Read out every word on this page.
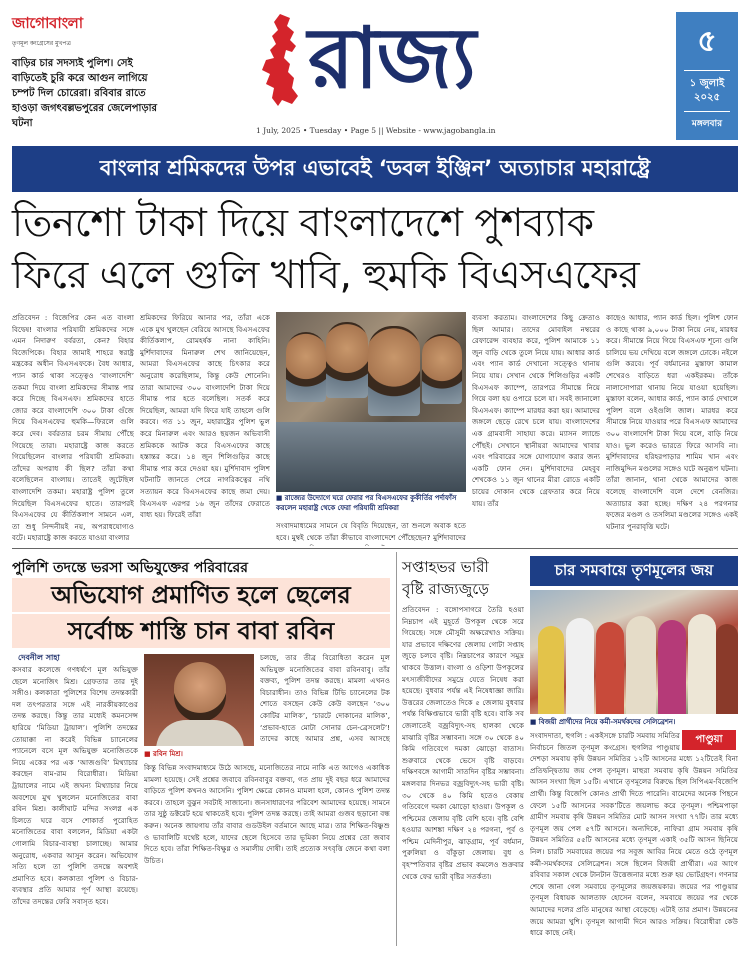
জাগোবাংলা
তৃণমূল কংগ্রেসের মুখপত্র
বাড়ির চার সদস্যই পুলিশ। সেই বাড়িতেই চুরি করে আগুন লাগিয়ে চম্পট দিল চোরেরা। রবিবার রাতে হাওড়া জগৎবল্লভপুরের জেলেপাড়ার ঘটনা
রাজ্য
1 July, 2025 • Tuesday • Page 5 || Website - www.jagobangla.in
৫
১ জুলাই
২০২৫
মঙ্গলবার
বাংলার শ্রমিকদের উপর এভাবেই ‘ডবল ইঞ্জিন’ অত্যাচার মহারাষ্ট্রে
তিনশো টাকা দিয়ে বাংলাদেশে পুশব্যাক
ফিরে এলে গুলি খাবি, হুমকি বিএসএফের
প্রতিবেদন : বিজেপির কেন এত বাংলা বিদ্বেষ! বাংলার পরিযায়ী শ্রমিকদের সঙ্গে এমন নিদারুণ বর্বরতা, কেন? বিহার বিজেপিকে। বিহার জামাই শাহরে স্বরাষ্ট্র মন্ত্রকের অধীন বিএসএফকে। বৈধ আধার, প্যান কার্ড থাকা সত্ত্বেও ‘বাংলাদেশি’ তকমা দিয়ে বাংলা শ্রমিকদের সীমান্ত পার করে দিচ্ছে বিএসএফ। শ্রমিকদের হাতে জোর করে বাংলাদেশি ৩০০ টাকা গুঁজে দিয়ে বিএসএফের হুমকি—ফিরলে গুলি করে দেব। বর্বরতার চরম সীমায় পৌঁছে গিয়েছে তারা। মহারাষ্ট্রে কাজ করতে গিয়েছিলেন বাংলার পরিযায়ী শ্রমিকরা। তাঁদের অপরাধ কী ছিল? তাঁরা কথা বলেছিলেন বাংলায়। তাতেই জুটেছিল বাংলাদেশি তকমা। মহারাষ্ট্র পুলিশ তুলে দিয়েছিল বিএসএফের হাতে। তারপরই বিএসএফের যে কীর্তিকলাপ সামনে এল, তা শুধু নিন্দনীয়ই নয়, অপরাধযোগ্যও বটে। মহারাষ্ট্রে কাজ করতে যাওয়া বাংলার
শ্রমিকদের ফিরিয়ে আনার পর, তাঁরা একে একে মুখ খুলছেন বেরিয়ে আসছে বিএসএফের কীর্তিকলাপ, রোমহর্ষক নানা কাহিনি। মুর্শিদাবাদের মিনারুল শেখ জানিয়েছেন, আমরা বিএসএফের কাছে চিৎকার করে অনুরোধ করেছিলাম, কিন্তু কেউ শোনেনি। তারা আমাদের ৩০০ বাংলাদেশি টাকা দিয়ে সীমান্ত পার হতে বলেছিল। সতর্ক করে দিয়েছিল, আমরা যদি ফিরে যাই তাহলে গুলি করবে। গত ১১ জুন, মহারাষ্ট্রের পুলিশ ভুল করে মিনারুল এবং আরও ছয়জন অভিবাসী শ্রমিককে আটক করে বিএসএফের কাছে হস্তান্তর করে। ১৪ জুন শিলিগুড়ির কাছে সীমান্ত পার করে দেওয়া হয়। মুর্শিদাবাদ পুলিশ ঘটনাটি জানতে পেরে নাগরিকত্বের নথি সত্যায়ন করে বিএসএফের কাছে জমা দেয়। বিএসএফ এরপর ১৬ জুন তাঁদের ফেরাতে বাধ্য হয়। ফিরেই তাঁরা
■ রাজ্যের উদ্যোগে ঘরে ফেরার পর বিএসএফের কুকীর্তির পর্দাফাঁস করলেন মহারাষ্ট্র থেকে ফেরা পরিযায়ী শ্রমিকরা
সংবাদমাধ্যমের সামনে যে বিবৃতি দিয়েছেন, তা শুনলে অবাক হতে হবে। মুম্বই থেকে তাঁরা কীভাবে বাংলাদেশে পৌঁছেছেন? মুর্শিদাবাদের
ব্যবসা করতাম। বাংলাদেশের কিছু ক্রেতাও ছিল আমার। তাদের মোবাইল নম্বরের রেফারেন্স ব্যবহার করে, পুলিশ আমাকে ১১ জুন বাড়ি থেকে তুলে নিয়ে যায়। আধার কার্ড এবং প্যান কার্ড দেখানো সত্ত্বেও থানায় নিয়ে যায়। সেখান থেকে শিলিগুড়ির একটি বিএসএফ ক্যাম্পে, তারপরে সীমান্তে নিয়ে গিয়ে বলা হয় ওপারে চলে যা। সবই জানালো বিএসএফ। ক্যাম্পে মারধর করা হয়। আমাদের জঙ্গলে ছেড়ে রেখে চলে যায়। বাংলাদেশের এক গ্রামবাসী সাহায্য করে। ম্যাসন ল্যান্ডে পৌঁছই। সেখানে স্থানীয়রা আমাদের খাবার এবং পরিবারের সঙ্গে যোগাযোগ করার জন্য একটি ফোন দেন। মুর্শিদাবাদের মেহবুব শেখকেও ১১ জুন থানের মীরা রোডে একটি চায়ের দোকান থেকে গ্রেফতার করে নিয়ে যায়। তাঁর
কাছেও আধার, প্যান কার্ড ছিল। পুলিশ ফোন ও কাছে থাকা ৯,০০০ টাকা নিয়ে নেয়, মারধর করে। সীমান্তে নিয়ে গিয়ে বিএসএফ শূন্যে গুলি চালিয়ে ভয় দেখিয়ে বলে জঙ্গলে ঢোকে। নইলে গুলি করবে। পূর্ব বর্ধমানের মুস্তাফা কামাল শেখেরও বাড়িতে ধরা একইরকম। তাঁকে নালাসোপারা থানায় নিয়ে যাওয়া হয়েছিল। মুস্তাফা বলেন, আধার কার্ড, প্যান কার্ড দেখালে পুলিশ বলে ওইগুলি জাল। মারধর করে সীমান্তে নিয়ে যাওয়ার পরে বিএসএফ আমাদের ৩০০ বাংলাদেশি টাকা দিয়ে বলে, বাড়ি নিয়ে যাও। ভুল করেও ভারতে ফিরে আসবি না। মুর্শিদাবাদের হরিহরপাড়ার শামিম খান এবং নাজিমুদ্দিন মণ্ডলের সঙ্গেও ঘটে অনুরূপ ঘটনা। তাঁরা জানান, থানা থেকে আমাদের কাজ বলেছে বাংলাদেশি বলে দেশে বেনজির। অত্যাচার করা হচ্ছে। দক্ষিণ ২৪ পরগনার ফজের মণ্ডল ও তসলিমা মণ্ডলের সঙ্গেও একই ঘটনার পুনরাবৃত্তি ঘটে।
পুলিশি তদন্তে ভরসা অভিযুক্তের পরিবারের
অভিযোগ প্রমাণিত হলে ছেলের
সর্বোচ্চ শাস্তি চান বাবা রবিন
দেবনীল সাহা
কসবার কলেজে গণধর্ষণে মূল অভিযুক্ত ছেলে মনোজিৎ মিশ্র। গ্রেফতার তার দুই সঙ্গীও। কলকাতা পুলিশের বিশেষ তদন্তকারী দল তৎপরতার সঙ্গে এই নারকীয়কাণ্ডের তদন্ত করছে। কিন্তু তার মধ্যেই কমনসেন্স হারিয়ে ‘মিডিয়া ট্রায়াল’। পুলিশি তদন্তের তোয়াক্কা না করেই বিভিন্ন চ্যানেলের প্যানেলে বসে মূল অভিযুক্ত মনোজিতকে নিয়ে একের পর এক ‘আজগুবি’ মিথ্যাচার করছেন বাম-রাম বিরোধীরা। মিডিয়া ট্রায়ালের নামে এই জঘন্য মিথ্যাচার নিয়ে অবশেষে মুখ খুললেন মনোজিতের বাবা রবিন মিশ্র। কালীঘাট মন্দির সংলগ্ন এক চিলতে ঘরে বসে শোকার্ত পুরোহিত মনোজিতের বাবা বললেন, মিডিয়া একটা গোলামি বিচার-ব্যবস্থা চালাচ্ছে। আমার অনুরোধ, একবার আসুন করেন। অভিযোগ সত্যি হলে তা পুলিশি তদন্তে অবশ্যই প্রমাণিত হবে। কলকাতা পুলিশ ও বিচার-ব্যবস্থার প্রতি আমার পূর্ণ আস্থা রয়েছে। তাঁদের তদন্তের ফেরি সবাসৃত হবে।
■ রবিন মিশ্র।
চলছে, তার তীব্র বিরোধিতা করেন মূল অভিযুক্ত মনোজিতের বাবা রবিনবাবু। তাঁর বক্তব্য, পুলিশ তদন্ত করছে। মামলা এখনও বিচারাধীন। তাও বিভিন্ন টিভি চ্যানেলের টক শোতে বসছেন কেউ কেউ বলছেন ‘৩০০ কোটির মালিক’, ‘চারটে দোকানের মালিক’, ‘প্রভাব-হাতে মোটা সোনার চেন-ব্রেসলেট’! তাদের কাছে আমার প্রশ্ন, এসব আসছে
কিন্তু বিভিন্ন সংবাদমাধ্যমে উঠে আসছে, মনোজিতের নামে নাকি এত আগেও একাধিক মামলা হয়েছে। সেই প্রশ্নের জবাবে রবিনবাবুর বক্তব্য, গত প্রায় দুই বছর ধরে আমাদের বাড়িতে পুলিশ কখনও আসেনি। পুলিশ ক্ষেত্রে কোনও মামলা হলে, কোনও পুলিশ তদন্ত করবে। তাহলে বুঝুন সবটাই সাজানো। জনসাধারণের পরিবেশ আমাদের হয়েছে। সামনে তার সুষ্ঠু ডক্টরেট হয়ে থাকতেই হবে। পুলিশ তদন্ত করছে। তাই আমরা গুজব ছড়ানো বন্ধ করুন। অনেক জায়গায় তাঁর বাবার গুডউইল বর্তমানে আছে মাত্র। তার শিক্ষিত-বিষ্ণুশু ও ভাবালিটি যথেষ্ট হলে, যাদের ছেলে হিসেবে তার ভূমিকা নিয়ে প্রশ্নের তো জবাব দিতে হবে। তাঁরা শিক্ষিত-বিক্ষুণ্ণ ও সমালীয় দোষী। তাই প্রত্যেক সৎবৃত্তি জেনে কথা বলা উচিত।
সপ্তাহভর ভারী
বৃষ্টি রাজ্যজুড়ে
প্রতিবেদন : বঙ্গোপসাগরে তৈরি হওয়া নিম্নচাপ এই মুহূর্তে উপকূল থেকে সরে গিয়েছে। সঙ্গে মৌসুমী অক্ষরেখাও সক্রিয়। যার প্রভাবে দক্ষিণের জেলায় গোটা সপ্তাহ জুড়ে চলবে বৃষ্টি। নিম্নচাপের কারণে সমুদ্র থাকবে উত্তাল। বাংলা ও ওড়িশা উপকূলের মৎস্যজীবীদের সমুদ্রে যেতে নিষেধ করা হয়েছে। বুধবার পর্যন্ত এই নিষেধাজ্ঞা জারি। উত্তরের জেলাতেও দিকে ৫ জেলায় বুধবার পর্যন্ত বিক্ষিপ্তভাবে ভারী বৃষ্টি হবে। বাকি সব জেলাতেই বজ্রবিদ্যুৎ-সহ হালকা থেকে মাঝারি বৃষ্টির সম্ভাবনা। সঙ্গে ৩০ থেকে ৪০ কিমি গতিবেগে দমকা ঝোড়ো বাতাস। শুরুবারে থেকে ভেসে বৃষ্টি বাড়বে। দক্ষিণবঙ্গে আগামী সাতদিন বৃষ্টির সম্ভাবনা। মঙ্গলবার দিনভর বজ্রবিদ্যুৎ-সহ ভারী বৃষ্টি। ৩০ থেকে ৪০ কিমি হতেও বেকায় গতিবেগে দমকা ঝোড়ো হাওয়া। উপকূল ও পশ্চিমের জেলায় বৃষ্টি বেশি হবে। বৃষ্টি বেশি হওয়ার আশঙ্কা দক্ষিণ ২৪ পরগনা, পূর্ব ও পশ্চিম মেদিনীপুর, ঝাড়গ্রাম, পূর্ব বর্ধমান, পুরুলিয়া ও বাঁকুড়া জেলায়। বুধ ও বৃহস্পতিবার বৃষ্টির প্রভাব কমলেও শুক্রবার থেকে ফের ভারী বৃষ্টির সতর্কতা।
চার সমবায়ে তৃণমূলের জয়
■ বিজয়ী প্রার্থীদের নিয়ে কর্মী-সমর্থকদের সেলিব্রেশন।
পাণ্ডুয়া
সংবাদদাতা, হুগলি : একইসঙ্গে চারটি সমবায় সমিতির নির্বাচনে জিতল তৃণমূল কংগ্রেস। হুগলির পাণ্ডুয়ায় দেশড়া সমবায় কৃষি উন্নয়ন সমিতির ১২টি আসনের মধ্যে ১২টিতেই বিনা প্রতিদ্বন্দ্বিতায় জয় পেল তৃণমূল। মাহুরা সমবায় কৃষি উন্নয়ন সমিতির আসন সংখ্যা ছিল ১৫টি। এখানে তৃণমূলের বিরুদ্ধে ছিল সিপিএম-বিজেপি প্রার্থী। কিন্তু বিজেপি কোনও প্রার্থী দিতে পারেনি। বামেদের অনেক পিছনে ফেলে ১৫টি আসনের সবক’টিতে জয়লাভ করে তৃণমূল। পশ্চিমপাড়া গ্রামীণ সমবায় কৃষি উন্নয়ন সমিতির মোট আসন সংখ্যা ৭৭টি। তার মধ্যে তৃণমূল জয় পেল ৫৭টি আসনে। অন্যদিকে, নাফিরা গ্রাম সমবায় কৃষি উন্নয়ন সমিতির ৫৫টি আসনের মধ্যে তৃণমূল একাই ৩৫টি আসন ছিনিয়ে নিল। চারটি সমবায়ের জয়ের পর সবুজ আবির নিয়ে মেতে ওঠে তৃণমূল কর্মী-সমর্থকদের সেলিব্রেশন। সঙ্গে ছিলেন বিজয়ী প্রার্থীরা। এর আগে রবিবার সকাল থেকে টানটান উত্তেজনার মধ্যে শুরু হয় ভোটগ্রহণ। গণনার শেষে জানা গেল সমবায়ে তৃণমূলের জয়জয়কার। জয়ের পর পাণ্ডুয়ার তৃণমূল বিধায়ক আলতাফ হোসেন বলেন, সমবায়ে জয়ের পর থেকে আমাদের দলের প্রতি মানুষের আস্থা বেড়েছে। এটাই তার প্রমাণ। উন্নয়নের জয়ে আমরা খুশি। তৃণমূল আগামী দিনে আরও সক্রিয়। বিরোধীরা কেউ ধারে কাছে নেই।
